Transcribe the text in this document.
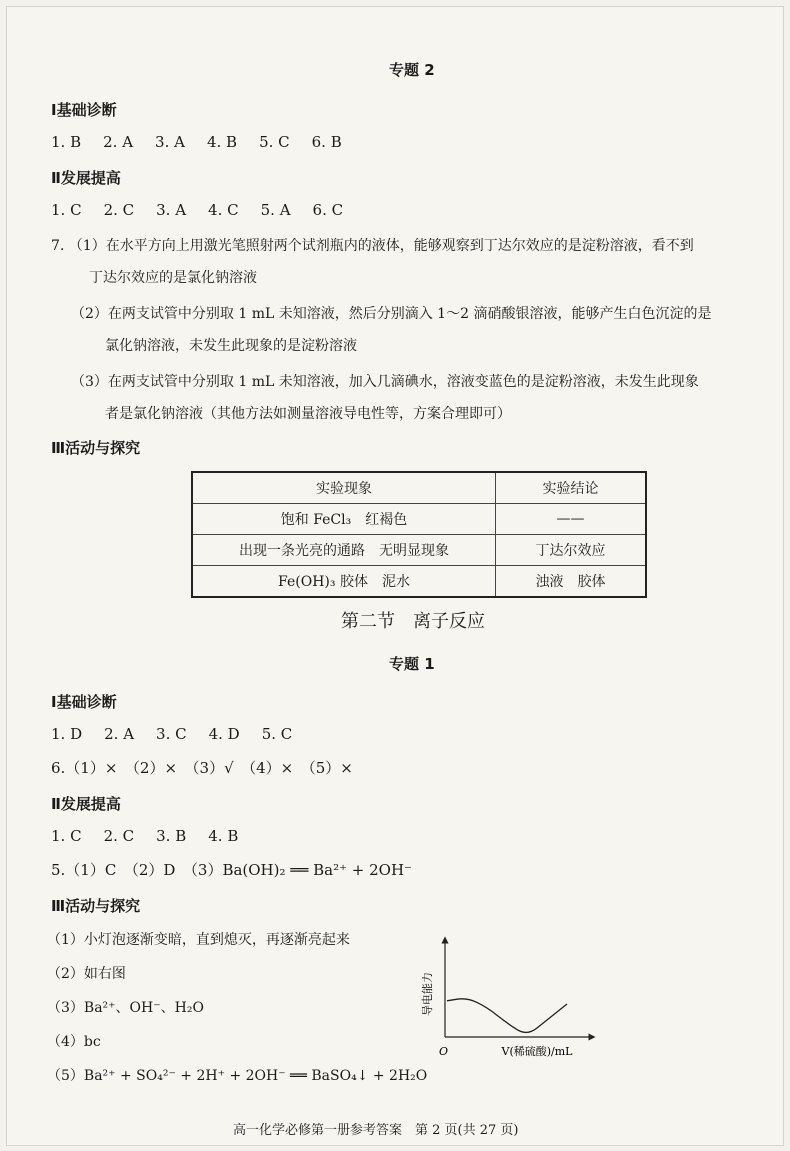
专题 2
Ⅰ基础诊断
1. B 2. A 3. A 4. B 5. C 6. B
Ⅱ发展提高
1. C 2. C 3. A 4. C 5. A 6. C
7. （1）在水平方向上用激光笔照射两个试剂瓶内的液体，能够观察到丁达尔效应的是淀粉溶液，看不到
丁达尔效应的是氯化钠溶液
（2）在两支试管中分别取 1 mL 未知溶液，然后分别滴入 1～2 滴硝酸银溶液，能够产生白色沉淀的是
氯化钠溶液，未发生此现象的是淀粉溶液
（3）在两支试管中分别取 1 mL 未知溶液，加入几滴碘水，溶液变蓝色的是淀粉溶液，未发生此现象
者是氯化钠溶液（其他方法如测量溶液导电性等，方案合理即可）
Ⅲ活动与探究
实验现象	实验结论
饱和 FeCl₃　红褐色	——
出现一条光亮的通路　无明显现象	丁达尔效应
Fe(OH)₃ 胶体　泥水	浊液　胶体
第二节　离子反应
专题 1
Ⅰ基础诊断
1. D 2. A 3. C 4. D 5. C
6.（1）×　（2）×　（3）√　（4）×　（5）×
Ⅱ发展提高
1. C 2. C 3. B 4. B
5.（1）C　（2）D　（3）Ba(OH)₂ ══ Ba²⁺ + 2OH⁻
Ⅲ活动与探究
（1）小灯泡逐渐变暗，直到熄灭，再逐渐亮起来
（2）如右图
（3）Ba²⁺、OH⁻、H₂O
（4）bc
（5）Ba²⁺ + SO₄²⁻ + 2H⁺ + 2OH⁻ ══ BaSO₄↓ + 2H₂O
导电能力
O	V(稀硫酸)/mL
高一化学必修第一册参考答案　第 2 页(共 27 页)
